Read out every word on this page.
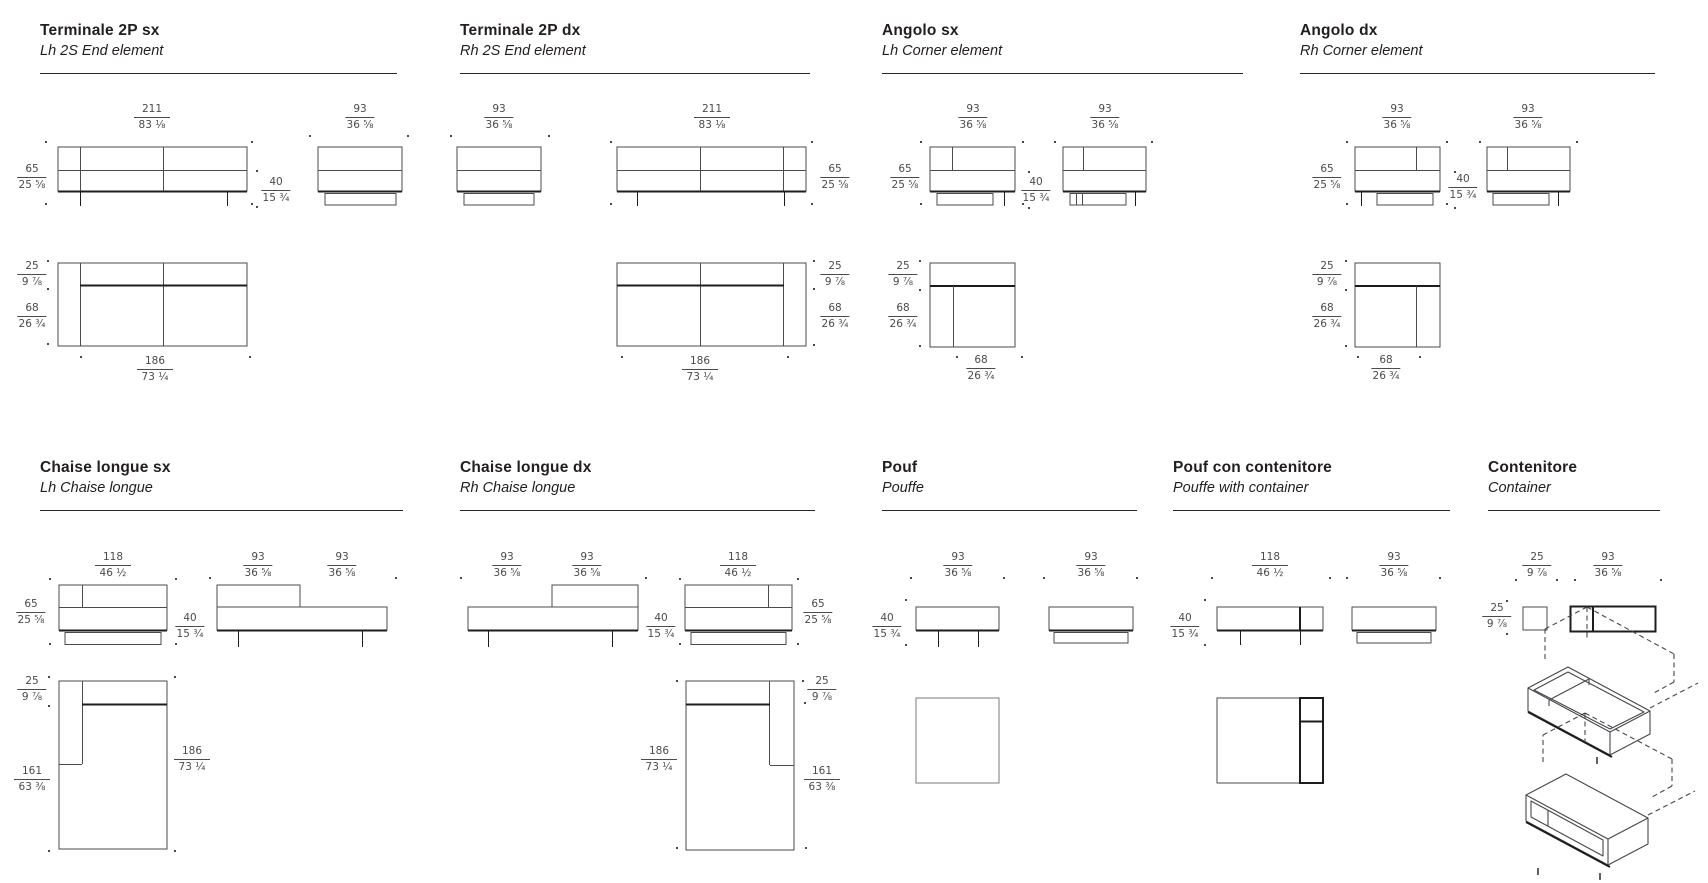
Terminale 2P sx
Lh 2S End element
Terminale 2P dx
Rh 2S End element
Angolo sx
Lh Corner element
Angolo dx
Rh Corner element
Chaise longue sx
Lh Chaise longue
Chaise longue dx
Rh Chaise longue
Pouf
Pouffe
Pouf con contenitore
Pouffe with container
Contenitore
Container
211
83 ⅛
93
36 ⅝
65
25 ⅝	40
15 ¾
25
9 ⅞
68
26 ¾
186
73 ¼
93
36 ⅝
211
83 ⅛
65
25 ⅝
25
9 ⅞
68
26 ¾
186
73 ¼
93
36 ⅝
93
36 ⅝
65
25 ⅝	40
15 ¾
25
9 ⅞
68
26 ¾
68
26 ¾
93
36 ⅝
93
36 ⅝
65
25 ⅝	40
15 ¾
25
9 ⅞
68
26 ¾
68
26 ¾
118
46 ½
93
36 ⅝
93
36 ⅝
65
25 ⅝	40
15 ¾
25
9 ⅞
161
63 ⅜
186
73 ¼
93
36 ⅝
93
36 ⅝
40
15 ¾
118
46 ½
65
25 ⅝
186
73 ¼
25
9 ⅞
161
63 ⅜
40
15 ¾
93
36 ⅝
93
36 ⅝
40
15 ¾
118
46 ½
93
36 ⅝
25
9 ⅞
25
9 ⅞
93
36 ⅝
